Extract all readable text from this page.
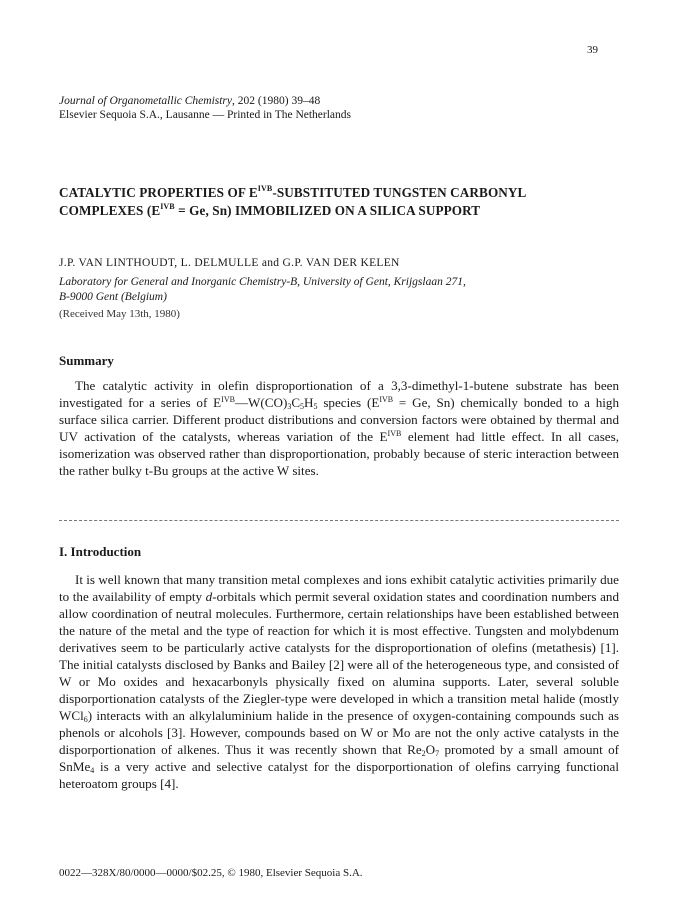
39
Journal of Organometallic Chemistry, 202 (1980) 39–48
Elsevier Sequoia S.A., Lausanne — Printed in The Netherlands
CATALYTIC PROPERTIES OF $E^{IVB}$-SUBSTITUTED TUNGSTEN CARBONYL
COMPLEXES ($E^{IVB} = Ge$, Sn) IMMOBILIZED ON A SILICA SUPPORT
J.P. VAN LINTHOUDT, L. DELMULLE and G.P. VAN DER KELEN
Laboratory for General and Inorganic Chemistry-B, University of Gent, Krijgslaan 271,
B-9000 Gent (Belgium)
(Received May 13th, 1980)
Summary

The catalytic activity in olefin disproportionation of a 3,3-dimethyl-1-butene substrate has been investigated for a series of $E^{IVB}—W(CO)_3C_5H_5$ species ($E^{IVB} = Ge$, Sn) chemically bonded to a high surface silica carrier. Different product distributions and conversion factors were obtained by thermal and UV activation of the catalysts, whereas variation of the $E^{IVB}$ element had little effect. In all cases, isomerization was observed rather than disproportionation, probably because of steric interaction between the rather bulky t-Bu groups at the active W sites.

I. Introduction

It is well known that many transition metal complexes and ions exhibit catalytic activities primarily due to the availability of empty d-orbitals which permit several oxidation states and coordination numbers and allow coordination of neutral molecules. Furthermore, certain relationships have been established between the nature of the metal and the type of reaction for which it is most effective. Tungsten and molybdenum derivatives seem to be particularly active catalysts for the disproportionation of olefins (metathesis) [1]. The initial catalysts disclosed by Banks and Bailey [2] were all of the heterogeneous type, and consisted of W or Mo oxides and hexacarbonyls physically fixed on alumina supports. Later, several soluble disporportionation catalysts of the Ziegler-type were developed in which a transition metal halide (mostly WCl$_6$) interacts with an alkylaluminium halide in the presence of oxygen-containing compounds such as phenols or alcohols [3]. However, compounds based on W or Mo are not the only active catalysts in the disporportionation of alkenes. Thus it was recently shown that $Re_2O_7$ promoted by a small amount of SnMe$_4$ is a very active and selective catalyst for the disporportionation of olefins carrying functional heteroatom groups [4].

0022—328X/80/0000—0000/$02.25, © 1980, Elsevier Sequoia S.A.
